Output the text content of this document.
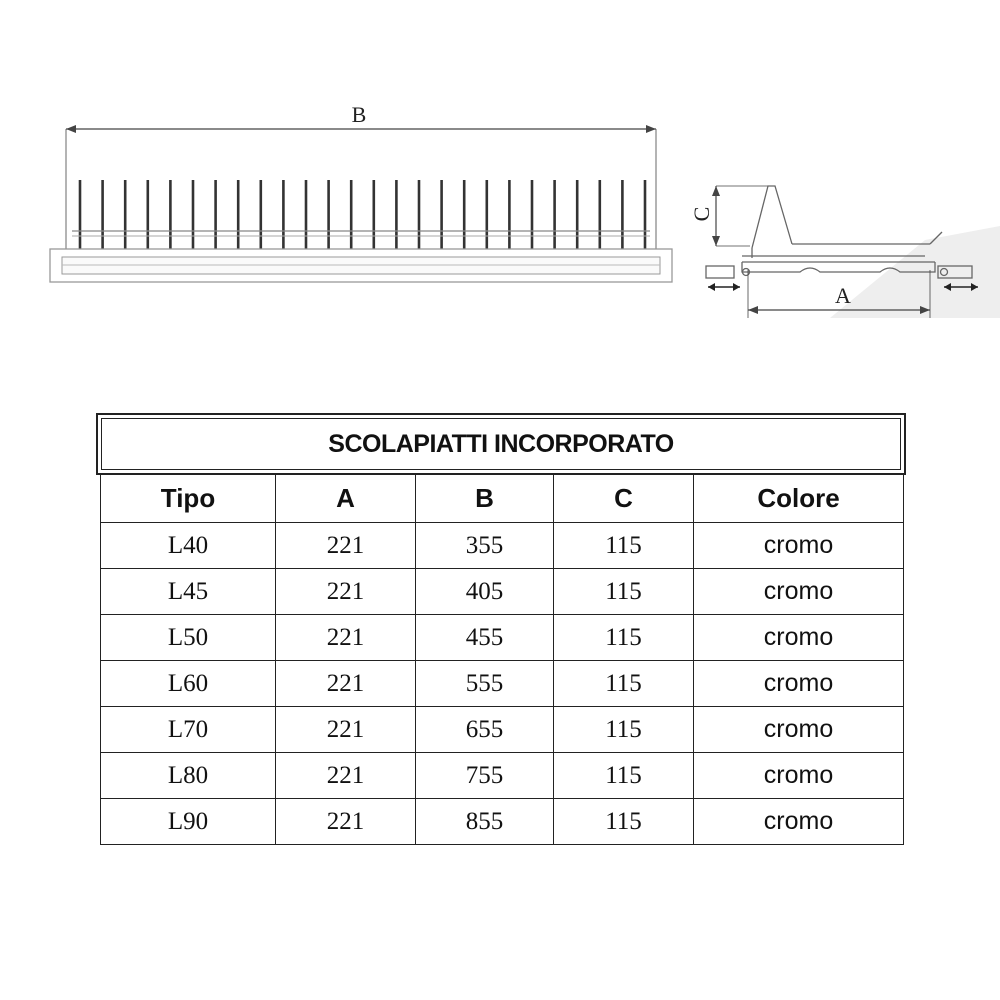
B
C
A
SCOLAPIATTI INCORPORATO
Tipo	A	B	C	Colore
L40	221	355	115	cromo
L45	221	405	115	cromo
L50	221	455	115	cromo
L60	221	555	115	cromo
L70	221	655	115	cromo
L80	221	755	115	cromo
L90	221	855	115	cromo
